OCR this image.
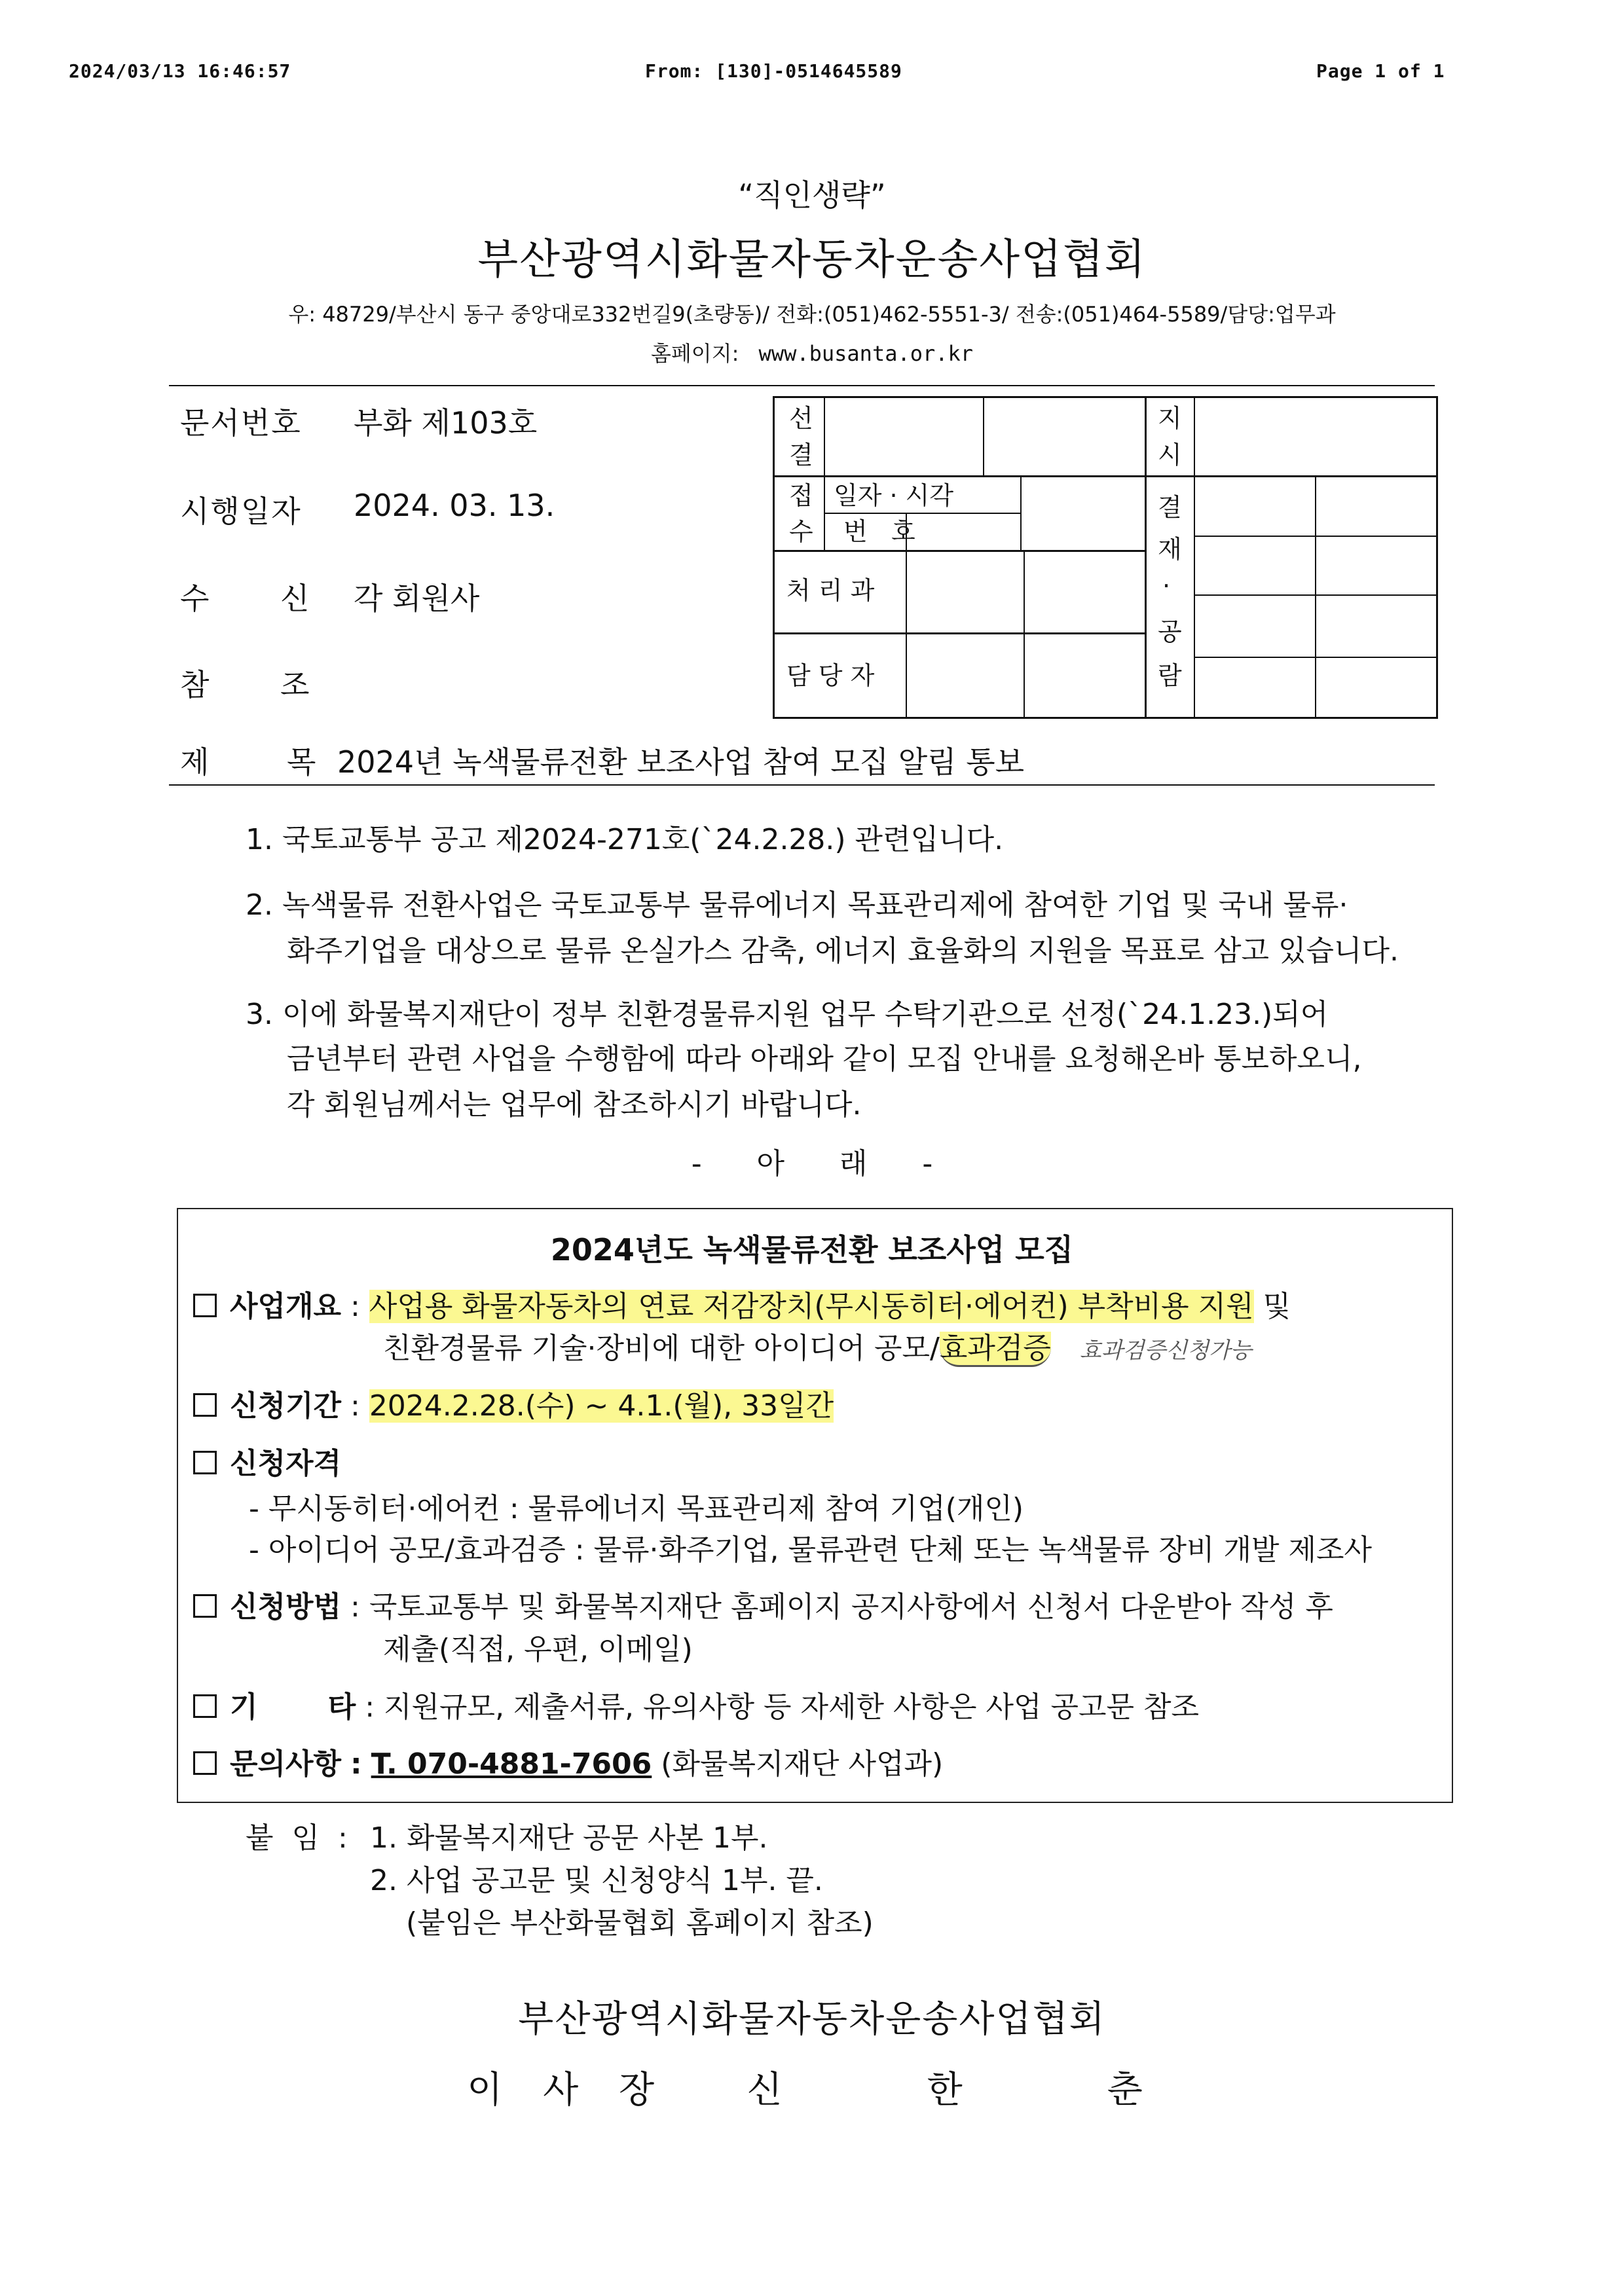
2024/03/13 16:46:57	From: [130]-0514645589	Page 1 of 1
“직인생략”
부산광역시화물자동차운송사업협회
우: 48729/부산시 동구 중앙대로332번길9(초량동)/ 전화:(051)462-5551-3/ 전송:(051)464-5589/담당:업무과
홈페이지: www.busanta.or.kr
문서번호 부화 제103호
시행일자 2024. 03. 13.
수 신 각 회원사
참 조
제 목 2024년 녹색물류전환 보조사업 참여 모집 알림 통보
선
결
접
수
일자 · 시각
번   호
처 리 과
담 당 자
지
시
결
재
·
공
람
1. 국토교통부 공고 제2024-271호(`24.2.28.) 관련입니다.
2. 녹색물류 전환사업은 국토교통부 물류에너지 목표관리제에 참여한 기업 및 국내 물류·
화주기업을 대상으로 물류 온실가스 감축, 에너지 효율화의 지원을 목표로 삼고 있습니다.
3. 이에 화물복지재단이 정부 친환경물류지원 업무 수탁기관으로 선정(`24.1.23.)되어
금년부터 관련 사업을 수행함에 따라 아래와 같이 모집 안내를 요청해온바 통보하오니,
각 회원님께서는 업무에 참조하시기 바랍니다.
-      아      래      -
2024년도 녹색물류전환 보조사업 모집
사업개요 : 사업용 화물자동차의 연료 저감장치(무시동히터·에어컨) 부착비용 지원 및
친환경물류 기술·장비에 대한 아이디어 공모/효과검증 효과검증신청가능
신청기간 : 2024.2.28.(수) ~ 4.1.(월), 33일간
신청자격
- 무시동히터·에어컨 : 물류에너지 목표관리제 참여 기업(개인)
- 아이디어 공모/효과검증 : 물류·화주기업, 물류관련 단체 또는 녹색물류 장비 개발 제조사
신청방법 : 국토교통부 및 화물복지재단 홈페이지 공지사항에서 신청서 다운받아 작성 후
제출(직접, 우편, 이메일)
기       타 : 지원규모, 제출서류, 유의사항 등 자세한 사항은 사업 공고문 참조
문의사항 : T. 070-4881-7606 (화물복지재단 사업과)
붙 임 : 1. 화물복지재단 공문 사본 1부.
2. 사업 공고문 및 신청양식 1부. 끝.
(붙임은 부산화물협회 홈페이지 참조)
부산광역시화물자동차운송사업협회
이 사 장   신     한     춘
